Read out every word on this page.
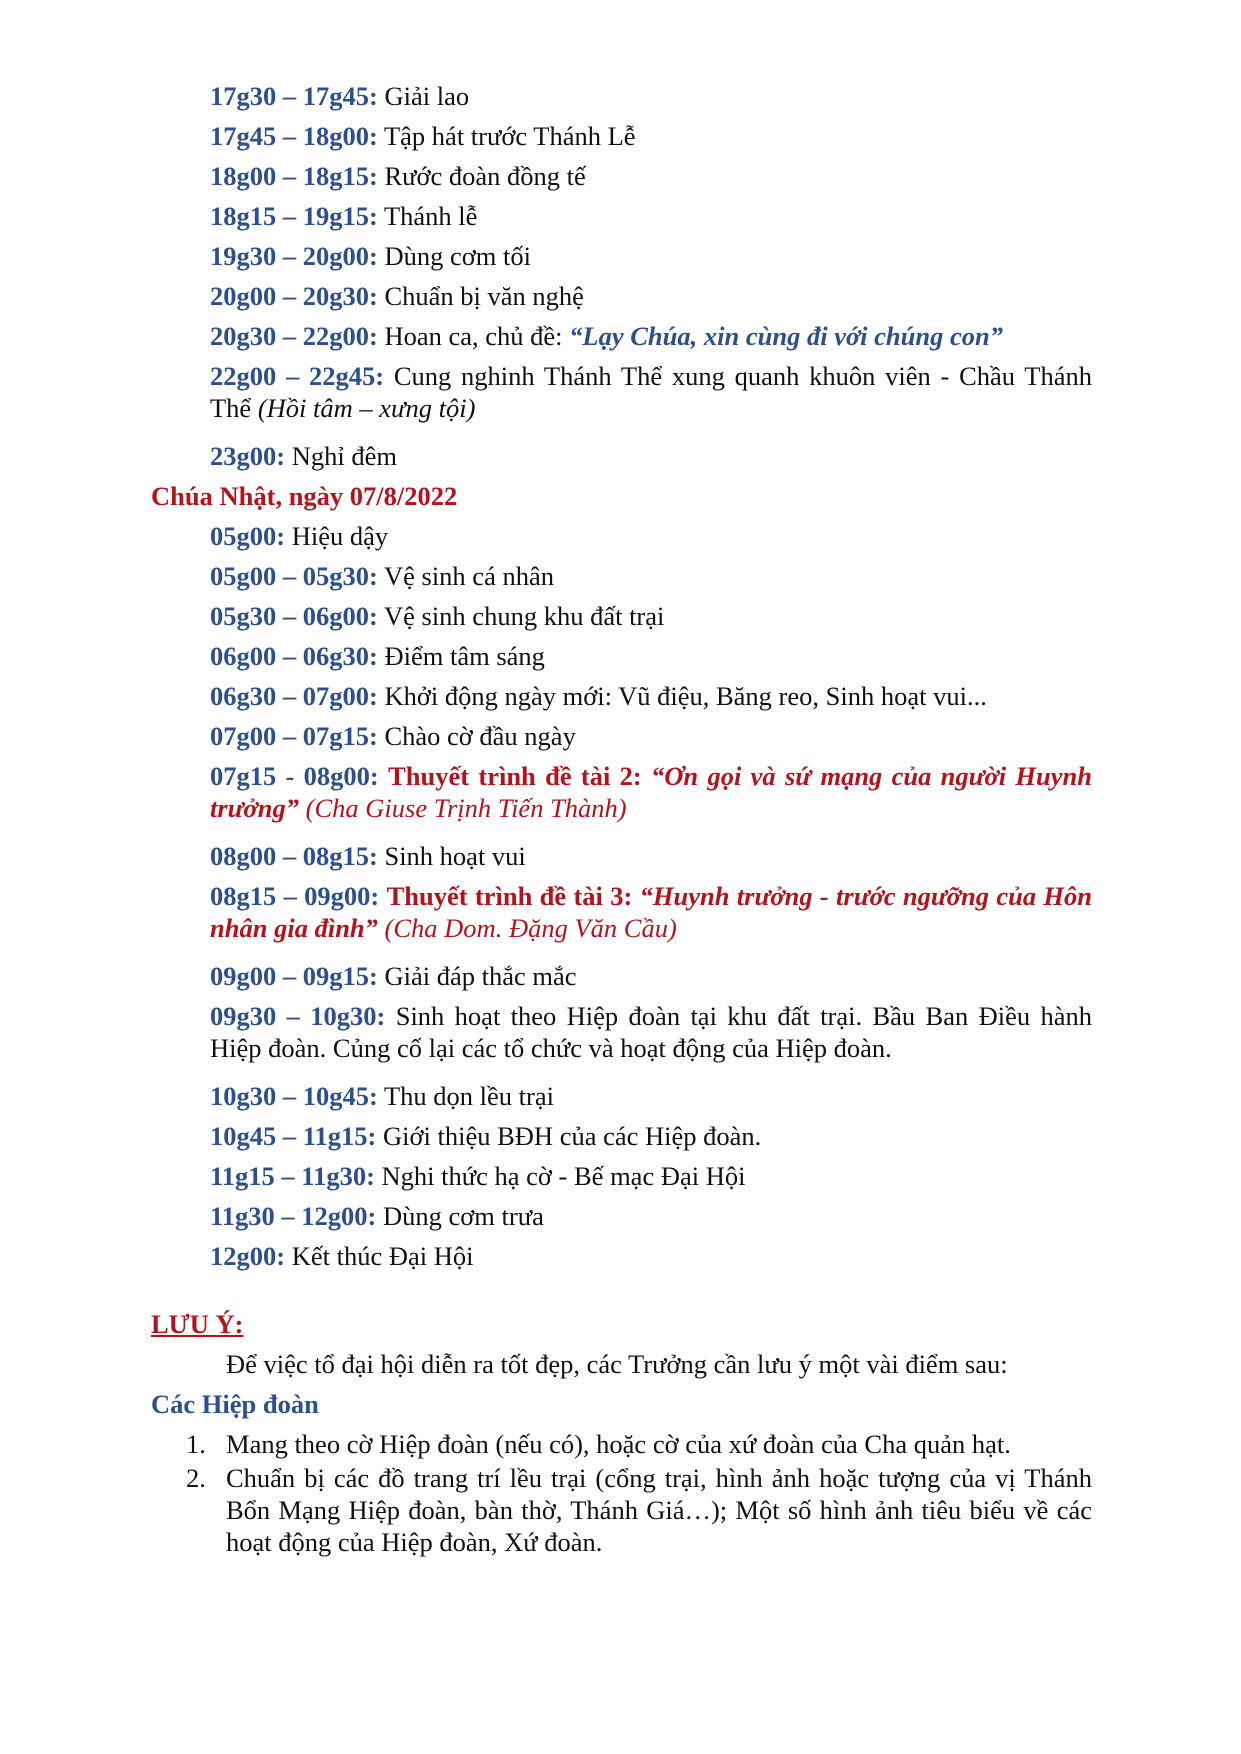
17g30 – 17g45: Giải lao
17g45 – 18g00: Tập hát trước Thánh Lễ
18g00 – 18g15: Rước đoàn đồng tế
18g15 – 19g15: Thánh lễ
19g30 – 20g00: Dùng cơm tối
20g00 – 20g30: Chuẩn bị văn nghệ
20g30 – 22g00: Hoan ca, chủ đề: “Lạy Chúa, xin cùng đi với chúng con”
22g00 – 22g45: Cung nghinh Thánh Thể xung quanh khuôn viên - Chầu Thánh Thể (Hồi tâm – xưng tội)
23g00: Nghỉ đêm
Chúa Nhật, ngày 07/8/2022
05g00: Hiệu dậy
05g00 – 05g30: Vệ sinh cá nhân
05g30 – 06g00: Vệ sinh chung khu đất trại
06g00 – 06g30: Điểm tâm sáng
06g30 – 07g00: Khởi động ngày mới: Vũ điệu, Băng reo, Sinh hoạt vui...
07g00 – 07g15: Chào cờ đầu ngày
07g15 - 08g00: Thuyết trình đề tài 2: “Ơn gọi và sứ mạng của người Huynh trưởng” (Cha Giuse Trịnh Tiến Thành)
08g00 – 08g15: Sinh hoạt vui
08g15 – 09g00: Thuyết trình đề tài 3: “Huynh trưởng - trước ngưỡng của Hôn nhân gia đình” (Cha Dom. Đặng Văn Cầu)
09g00 – 09g15: Giải đáp thắc mắc
09g30 – 10g30: Sinh hoạt theo Hiệp đoàn tại khu đất trại. Bầu Ban Điều hành Hiệp đoàn. Củng cố lại các tổ chức và hoạt động của Hiệp đoàn.
10g30 – 10g45: Thu dọn lều trại
10g45 – 11g15: Giới thiệu BĐH của các Hiệp đoàn.
11g15 – 11g30: Nghi thức hạ cờ - Bế mạc Đại Hội
11g30 – 12g00: Dùng cơm trưa
12g00: Kết thúc Đại Hội
LƯU Ý:
Để việc tổ đại hội diễn ra tốt đẹp, các Trưởng cần lưu ý một vài điểm sau:
Các Hiệp đoàn
1. Mang theo cờ Hiệp đoàn (nếu có), hoặc cờ của xứ đoàn của Cha quản hạt.
2. Chuẩn bị các đồ trang trí lều trại (cổng trại, hình ảnh hoặc tượng của vị Thánh Bổn Mạng Hiệp đoàn, bàn thờ, Thánh Giá…); Một số hình ảnh tiêu biểu về các hoạt động của Hiệp đoàn, Xứ đoàn.
